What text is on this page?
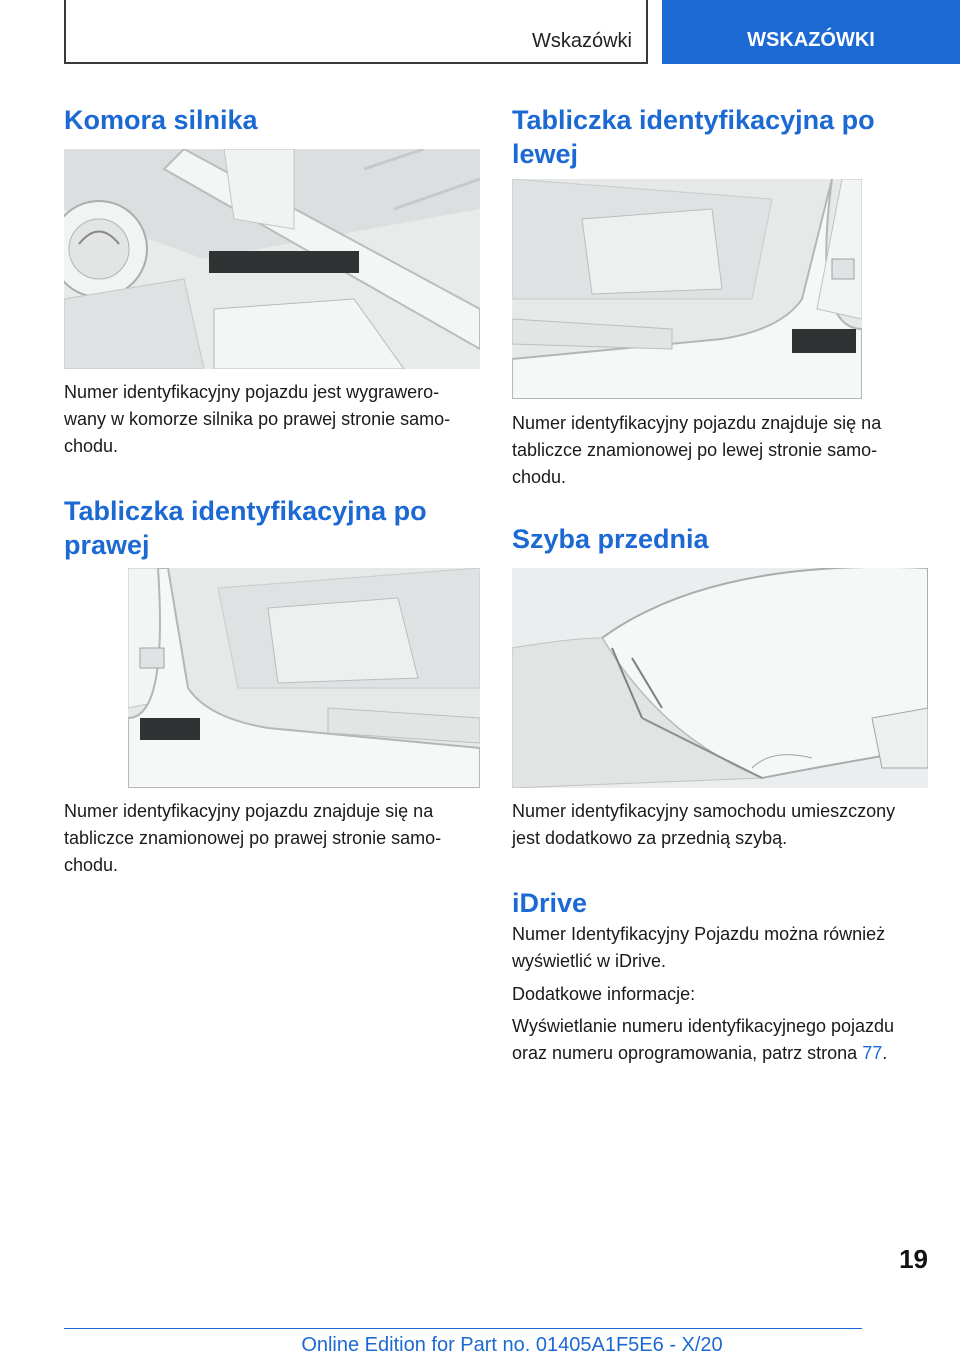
Wskazówki	WSKAZÓWKI
Komora silnika

Numer identyfikacyjny pojazdu jest wygrawero-
wany w komorze silnika po prawej stronie samo-
chodu.

Tabliczka identyfikacyjna po
prawej

Numer identyfikacyjny pojazdu znajduje się na
tabliczce znamionowej po prawej stronie samo-
chodu.

Tabliczka identyfikacyjna po
lewej

Numer identyfikacyjny pojazdu znajduje się na
tabliczce znamionowej po lewej stronie samo-
chodu.

Szyba przednia

Numer identyfikacyjny samochodu umieszczony
jest dodatkowo za przednią szybą.

iDrive

Numer Identyfikacyjny Pojazdu można również
wyświetlić w iDrive.

Dodatkowe informacje:

Wyświetlanie numeru identyfikacyjnego pojazdu
oraz numeru oprogramowania, patrz strona 77.

19
Online Edition for Part no. 01405A1F5E6 - X/20
